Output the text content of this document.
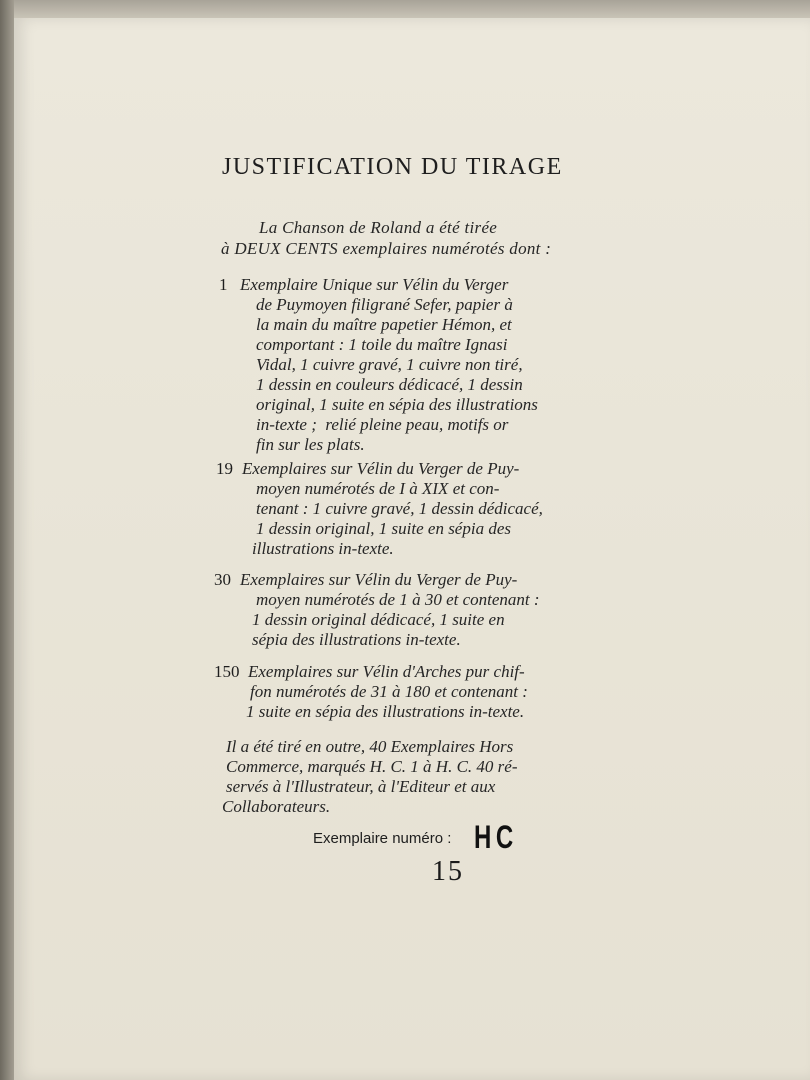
JUSTIFICATION DU TIRAGE
La Chanson de Roland a été tirée
à DEUX CENTS exemplaires numérotés dont :
1 Exemplaire Unique sur Vélin du Verger
de Puymoyen filigrané Sefer, papier à
la main du maître papetier Hémon, et
comportant : 1 toile du maître Ignasi
Vidal, 1 cuivre gravé, 1 cuivre non tiré,
1 dessin en couleurs dédicacé, 1 dessin
original, 1 suite en sépia des illustrations
in-texte ;  relié pleine peau, motifs or
fin sur les plats.
19 Exemplaires sur Vélin du Verger de Puy-
moyen numérotés de I à XIX et con-
tenant : 1 cuivre gravé, 1 dessin dédicacé,
1 dessin original, 1 suite en sépia des
illustrations in-texte.
30 Exemplaires sur Vélin du Verger de Puy-
moyen numérotés de 1 à 30 et contenant :
1 dessin original dédicacé, 1 suite en
sépia des illustrations in-texte.
150 Exemplaires sur Vélin d'Arches pur chif-
fon numérotés de 31 à 180 et contenant :
1 suite en sépia des illustrations in-texte.
Il a été tiré en outre, 40 Exemplaires Hors
Commerce, marqués H. C. 1 à H. C. 40 ré-
servés à l'Illustrateur, à l'Editeur et aux
Collaborateurs.
Exemplaire numéro : HC
15
